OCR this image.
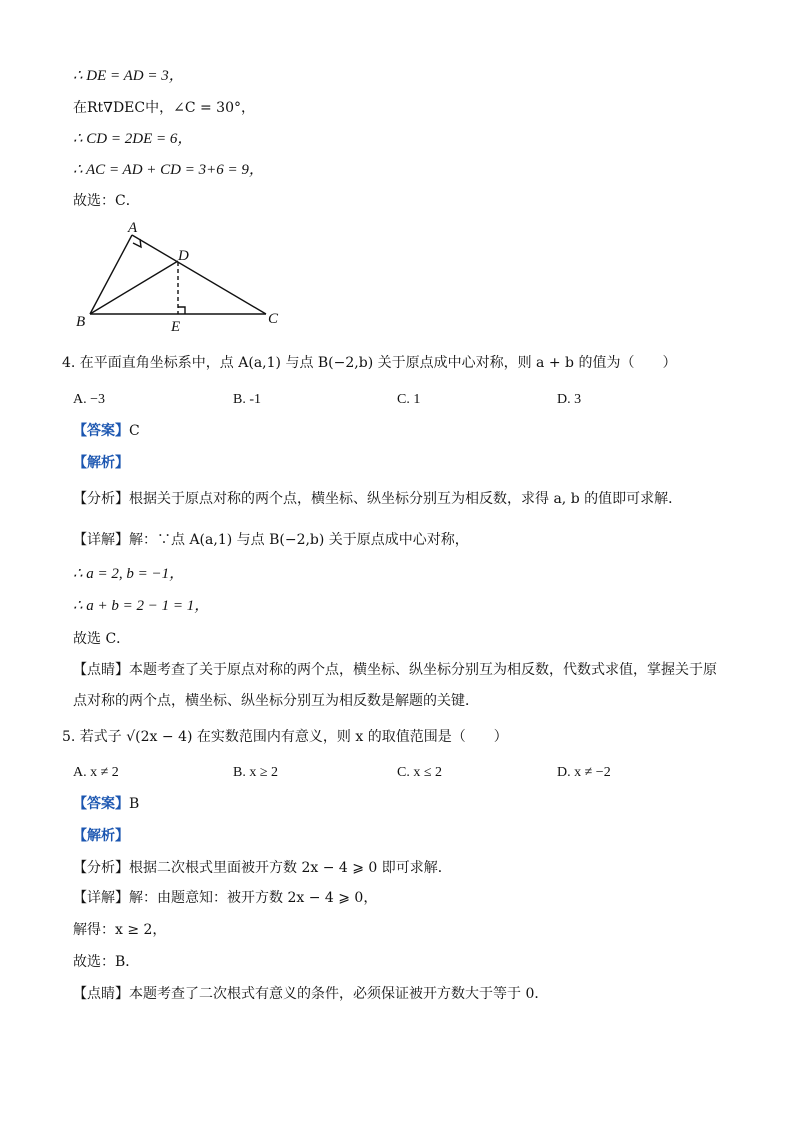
∴ DE = AD = 3，
在Rt∇DEC中，∠C = 30°，
∴ CD = 2DE = 6，
∴ AC = AD + CD = 3+6 = 9，
故选：C．
A
D
B	E	C
4. 在平面直角坐标系中，点 A(a,1) 与点 B(−2,b) 关于原点成中心对称，则 a + b 的值为（　　）
A. −3	B. -1	C. 1	D. 3
【答案】C
【解析】
【分析】根据关于原点对称的两个点，横坐标、纵坐标分别互为相反数，求得 a, b 的值即可求解．
【详解】解：∵点 A(a,1) 与点 B(−2,b) 关于原点成中心对称，
∴ a = 2, b = −1，
∴ a + b = 2 − 1 = 1，
故选 C．
【点睛】本题考查了关于原点对称的两个点，横坐标、纵坐标分别互为相反数，代数式求值，掌握关于原
点对称的两个点，横坐标、纵坐标分别互为相反数是解题的关键．
5. 若式子 √(2x − 4) 在实数范围内有意义，则 x 的取值范围是（　　）
A. x ≠ 2	B. x ≥ 2	C. x ≤ 2	D. x ≠ −2
【答案】B
【解析】
【分析】根据二次根式里面被开方数 2x − 4 ⩾ 0 即可求解．
【详解】解：由题意知：被开方数 2x − 4 ⩾ 0，
解得：x ≥ 2，
故选：B．
【点睛】本题考查了二次根式有意义的条件，必须保证被开方数大于等于 0．
